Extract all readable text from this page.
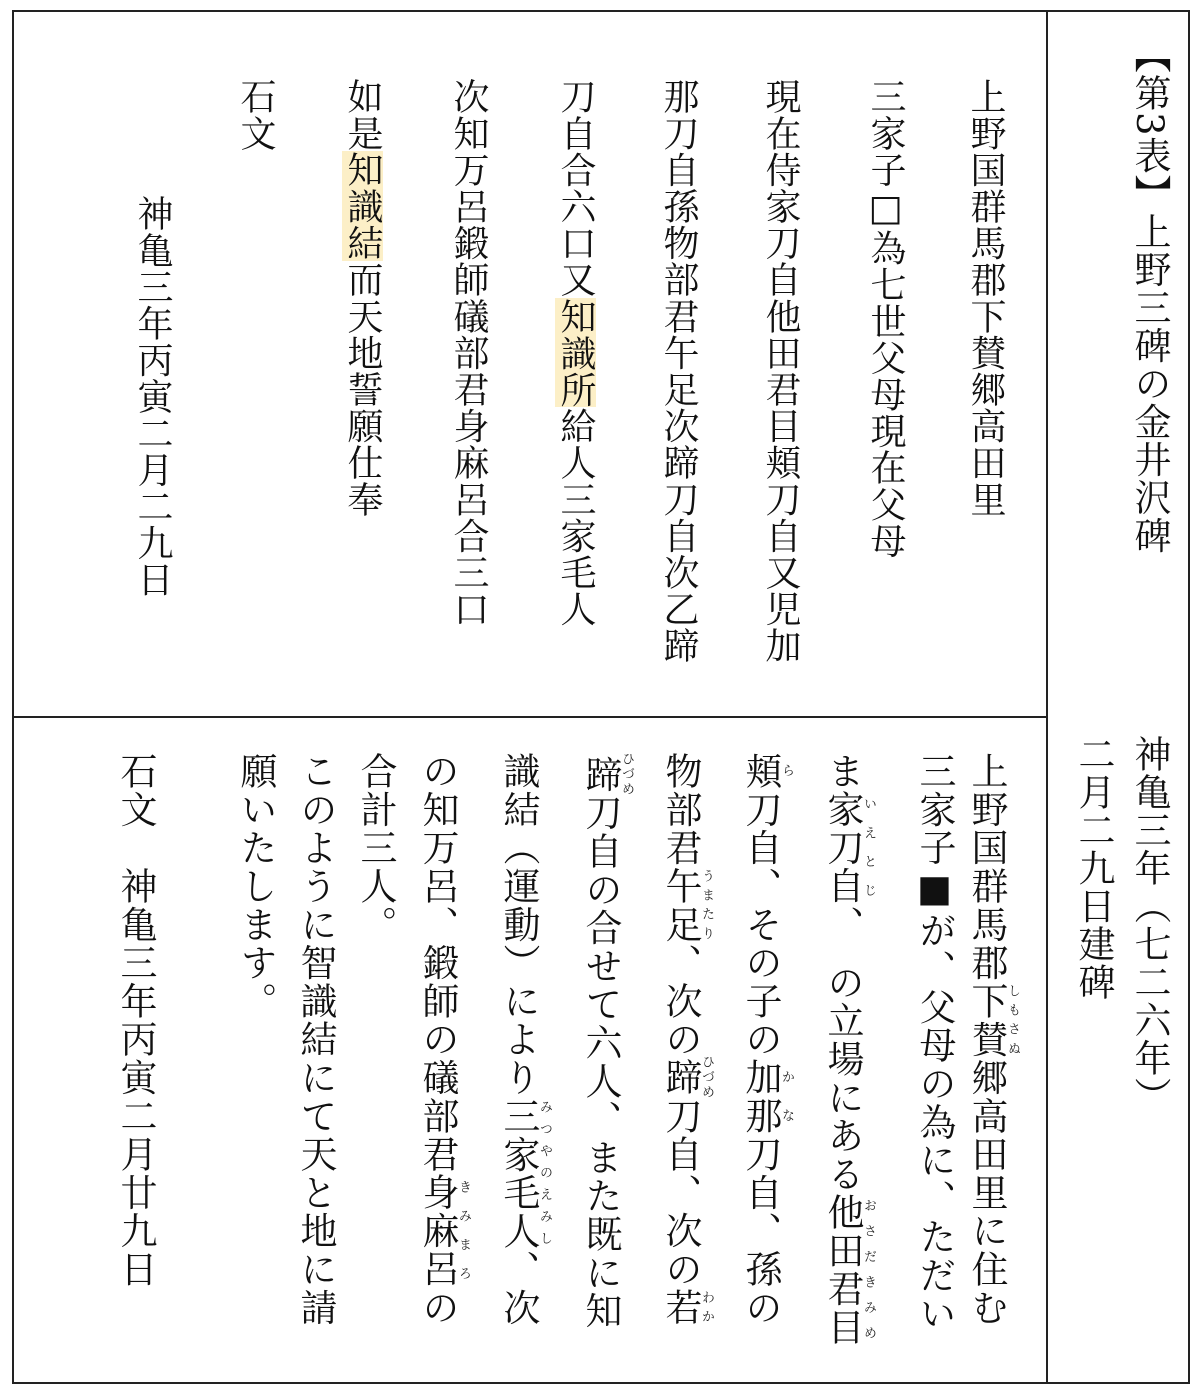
【第3表】上野三碑の金井沢碑
神亀三年（七二六年）
二月二九日建碑
上野国群馬郡下賛郷高田里
三家子□為七世父母現在父母
現在侍家刀自他田君目頬刀自又児加
那刀自孫物部君午足次蹄刀自次乙蹄
刀自合六口又知識所給人三家毛人
次知万呂鍛師礒部君身麻呂合三口
如是知識結而天地誓願仕奉
石文
神亀三年丙寅二月二九日
上野国群馬郡下賛しもさぬ郷高田里に住む
三家子■が、父母の為に、ただい
ま家刀自いえとじ、　の立場にある他田君目おさだきみめ
頬ら刀自、その子の加那かな刀自、孫の
物部君午足うまたり、次の蹄ひづめ刀自、次の若わか
蹄ひづめ刀自の合せて六人、また既に知
識結（運動）により三家毛人みつやのえみし、次
の知万呂、鍛師の礒部君身麻呂きみまろの
合計三人。
このように智識結にて天と地に請
願いたします。
石文　神亀三年丙寅二月廿九日
